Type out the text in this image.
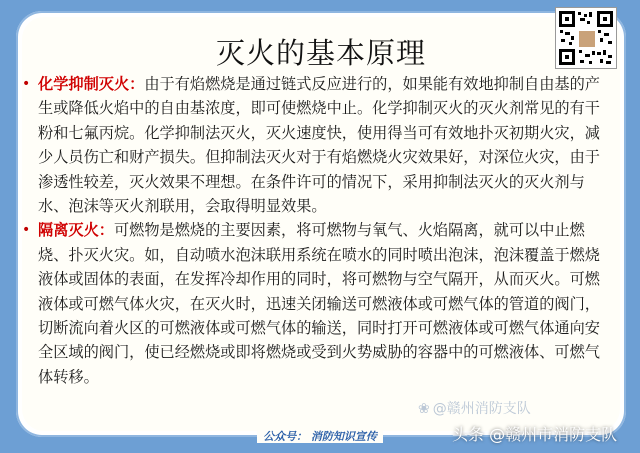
灭火的基本原理
• 化学抑制灭火：由于有焰燃烧是通过链式反应进行的，如果能有效地抑制自由基的产生或降低火焰中的自由基浓度，即可使燃烧中止。化学抑制灭火的灭火剂常见的有干粉和七氟丙烷。化学抑制法灭火，灭火速度快，使用得当可有效地扑灭初期火灾，减少人员伤亡和财产损失。但抑制法灭火对于有焰燃烧火灾效果好，对深位火灾，由于渗透性较差，灭火效果不理想。在条件许可的情况下，采用抑制法灭火的灭火剂与水、泡沫等灭火剂联用，会取得明显效果。
• 隔离灭火：可燃物是燃烧的主要因素，将可燃物与氧气、火焰隔离，就可以中止燃烧、扑灭火灾。如，自动喷水泡沫联用系统在喷水的同时喷出泡沫，泡沫覆盖于燃烧液体或固体的表面，在发挥冷却作用的同时，将可燃物与空气隔开，从而灭火。可燃液体或可燃气体火灾，在灭火时，迅速关闭输送可燃液体或可燃气体的管道的阀门，切断流向着火区的可燃液体或可燃气体的输送，同时打开可燃液体或可燃气体通向安全区域的阀门，使已经燃烧或即将燃烧或受到火势威胁的容器中的可燃液体、可燃气体转移。
❀ @赣州消防支队
公众号： 消防知识宣传	头条 @赣州市消防支队
